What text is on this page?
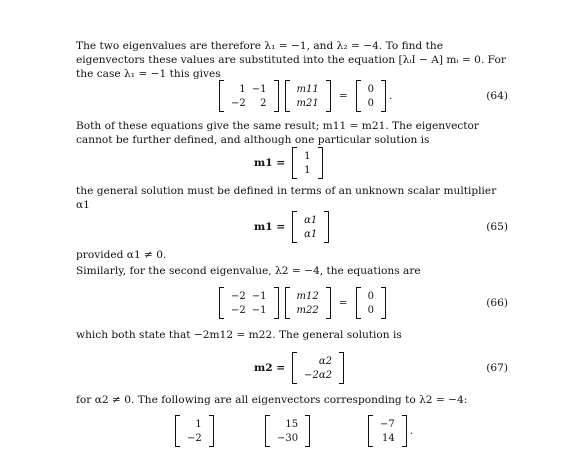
The two eigenvalues are therefore λ₁ = −1, and λ₂ = −4. To find the eigenvectors these values are substituted into the equation [λᵢI − A] mᵢ = 0. For the case λ₁ = −1 this gives

1 −1
−2	2
m11
m21
=
0
0
.	(64)

Both of these equations give the same result; m11 = m21. The eigenvector cannot be further defined, and although one particular solution is

m1 =
1
1

the general solution must be defined in terms of an unknown scalar multiplier α1

m1 =
α1
α1
(65)

provided α1 ≠ 0.

Similarly, for the second eigenvalue, λ2 = −4, the equations are

−2 −1
−2 −1
m12
m22
=
0
0
(66)

which both state that −2m12 = m22. The general solution is

m2 =
α2
−2α2
(67)

for α2 ≠ 0. The following are all eigenvectors corresponding to λ2 = −4:

1
−2
15
−30
−7
14
.
